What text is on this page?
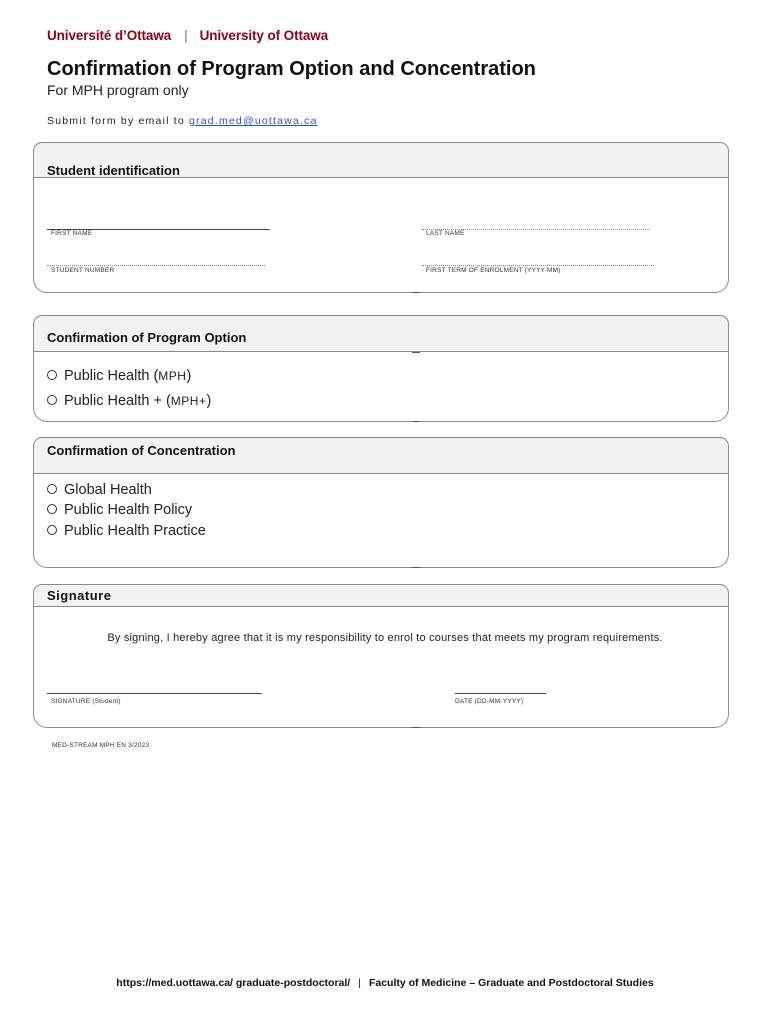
Université d’Ottawa | University of Ottawa
Confirmation of Program Option and Concentration
For MPH program only
Submit form by email to grad.med@uottawa.ca
Student identification
FIRST NAME	LAST NAME
STUDENT NUMBER	FIRST TERM OF ENROLMENT (YYYY-MM)
Confirmation of Program Option
Public Health (MPH)
Public Health + (MPH+)
Confirmation of Concentration
Global Health
Public Health Policy
Public Health Practice
Signature
By signing, I hereby agree that it is my responsibility to enrol to courses that meets my program requirements.
SIGNATURE (Student)	DATE (DD-MM-YYYY)
MED-STREAM MPH EN 3/2023
https://med.uottawa.ca/ graduate-postdoctoral/ | Faculty of Medicine – Graduate and Postdoctoral Studies
